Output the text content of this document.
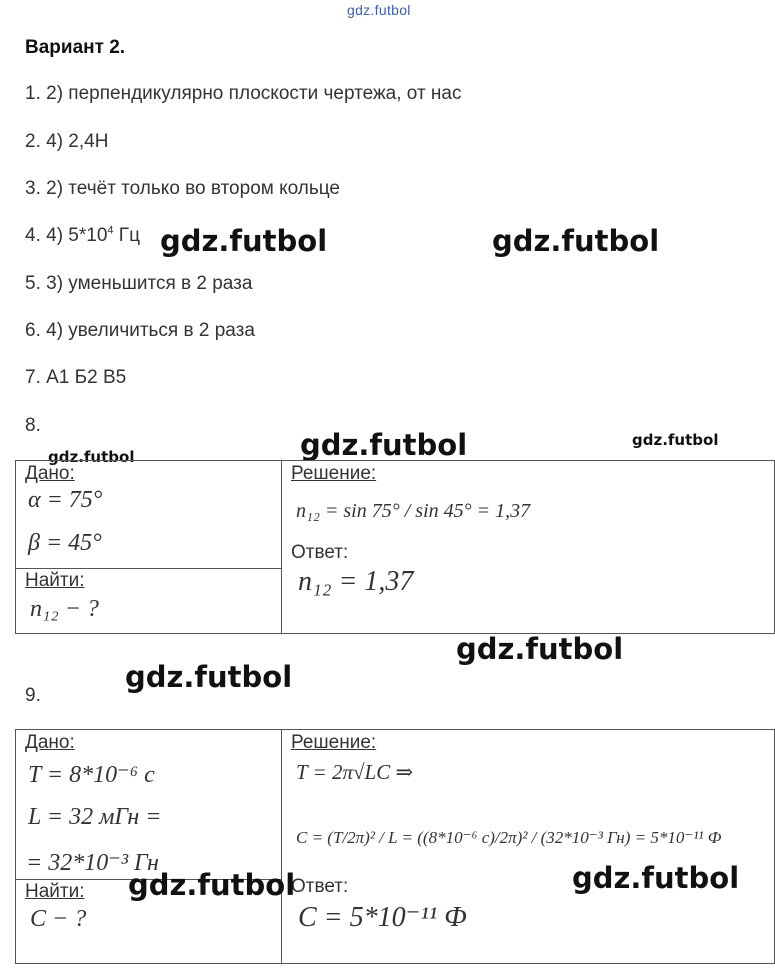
gdz.futbol
Вариант 2.
1. 2) перпендикулярно плоскости чертежа, от нас
2. 4) 2,4Н
3. 2) течёт только во втором кольце
4. 4) $5*10^4$ Гц
5. 3) уменьшится в 2 раза
6. 4) увеличиться в 2 раза
7. А1 Б2 В5
8.
9.
gdz.futbol	gdz.futbol
gdz.futbol
gdz.futbol
gdz.futbol
gdz.futbol
gdz.futbol
Дано:
α = 75°
β = 45°
Найти:
n₁₂ − ?
Решение:
n₁₂ = sin 75° / sin 45° = 1,37
Ответ:
n₁₂ = 1,37
Дано:
T = 8*10⁻⁶ c
L = 32 мГн =
= 32*10⁻³ Гн
Найти:
C − ?
Решение:
T = 2π√LC ⇒
C = (T/2π)² / L = ((8*10⁻⁶ c)/2π)² / (32*10⁻³ Гн) = 5*10⁻¹¹ Ф
Ответ:
C = 5*10⁻¹¹ Ф
gdz.futbol	gdz.futbol
